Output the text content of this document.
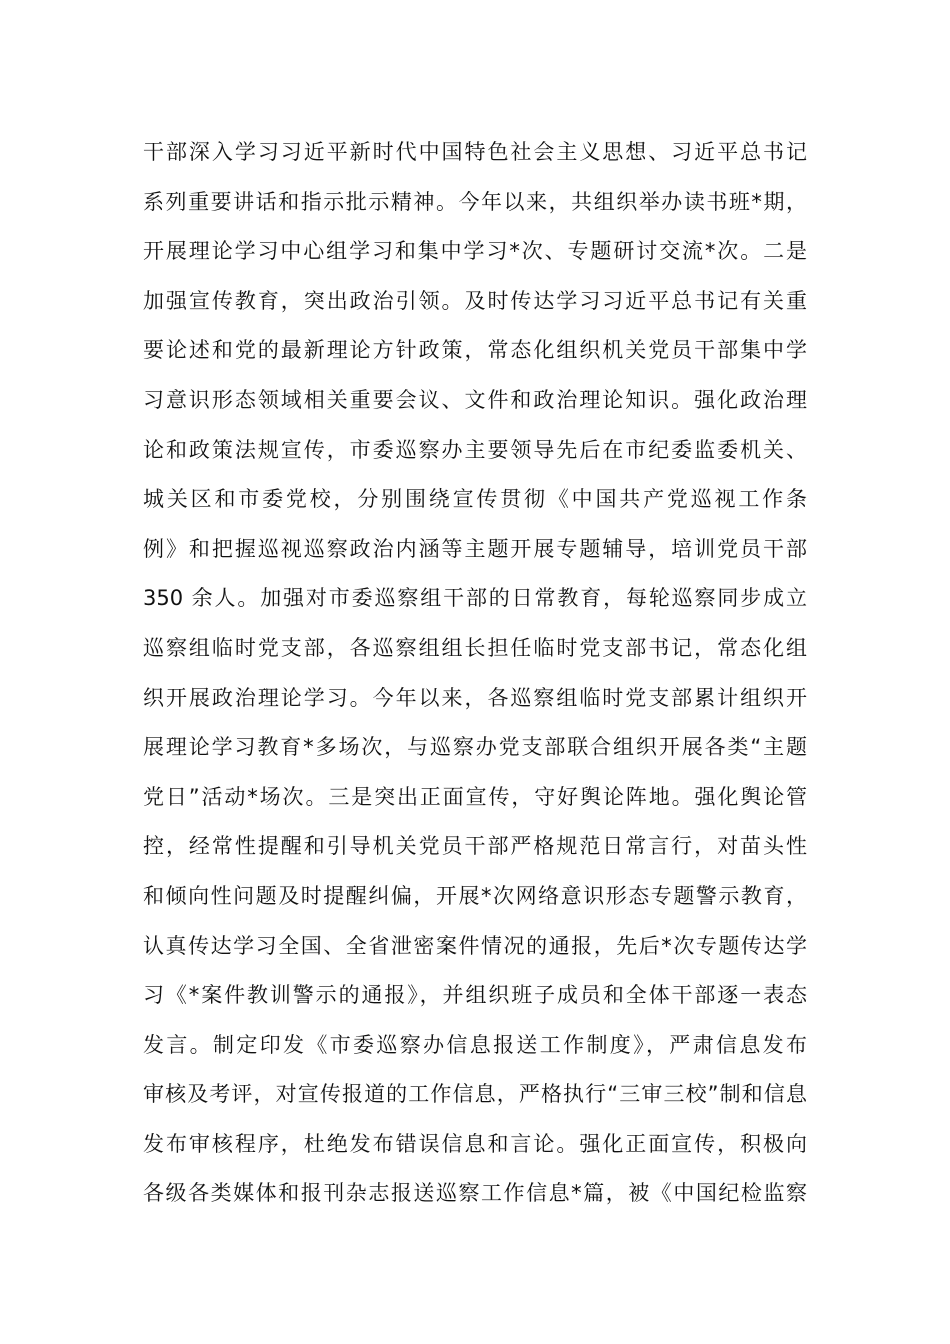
干部深入学习习近平新时代中国特色社会主义思想、习近平总书记
系列重要讲话和指示批示精神。今年以来，共组织举办读书班*期，
开展理论学习中心组学习和集中学习*次、专题研讨交流*次。二是
加强宣传教育，突出政治引领。及时传达学习习近平总书记有关重
要论述和党的最新理论方针政策，常态化组织机关党员干部集中学
习意识形态领域相关重要会议、文件和政治理论知识。强化政治理
论和政策法规宣传，市委巡察办主要领导先后在市纪委监委机关、
城关区和市委党校，分别围绕宣传贯彻《中国共产党巡视工作条
例》和把握巡视巡察政治内涵等主题开展专题辅导，培训党员干部
350 余人。加强对市委巡察组干部的日常教育，每轮巡察同步成立
巡察组临时党支部，各巡察组组长担任临时党支部书记，常态化组
织开展政治理论学习。今年以来，各巡察组临时党支部累计组织开
展理论学习教育*多场次，与巡察办党支部联合组织开展各类“主题
党日”活动*场次。三是突出正面宣传，守好舆论阵地。强化舆论管
控，经常性提醒和引导机关党员干部严格规范日常言行，对苗头性
和倾向性问题及时提醒纠偏，开展*次网络意识形态专题警示教育，
认真传达学习全国、全省泄密案件情况的通报，先后*次专题传达学
习《*案件教训警示的通报》，并组织班子成员和全体干部逐一表态
发言。制定印发《市委巡察办信息报送工作制度》，严肃信息发布
审核及考评，对宣传报道的工作信息，严格执行“三审三校”制和信息
发布审核程序，杜绝发布错误信息和言论。强化正面宣传，积极向
各级各类媒体和报刊杂志报送巡察工作信息*篇，被《中国纪检监察
